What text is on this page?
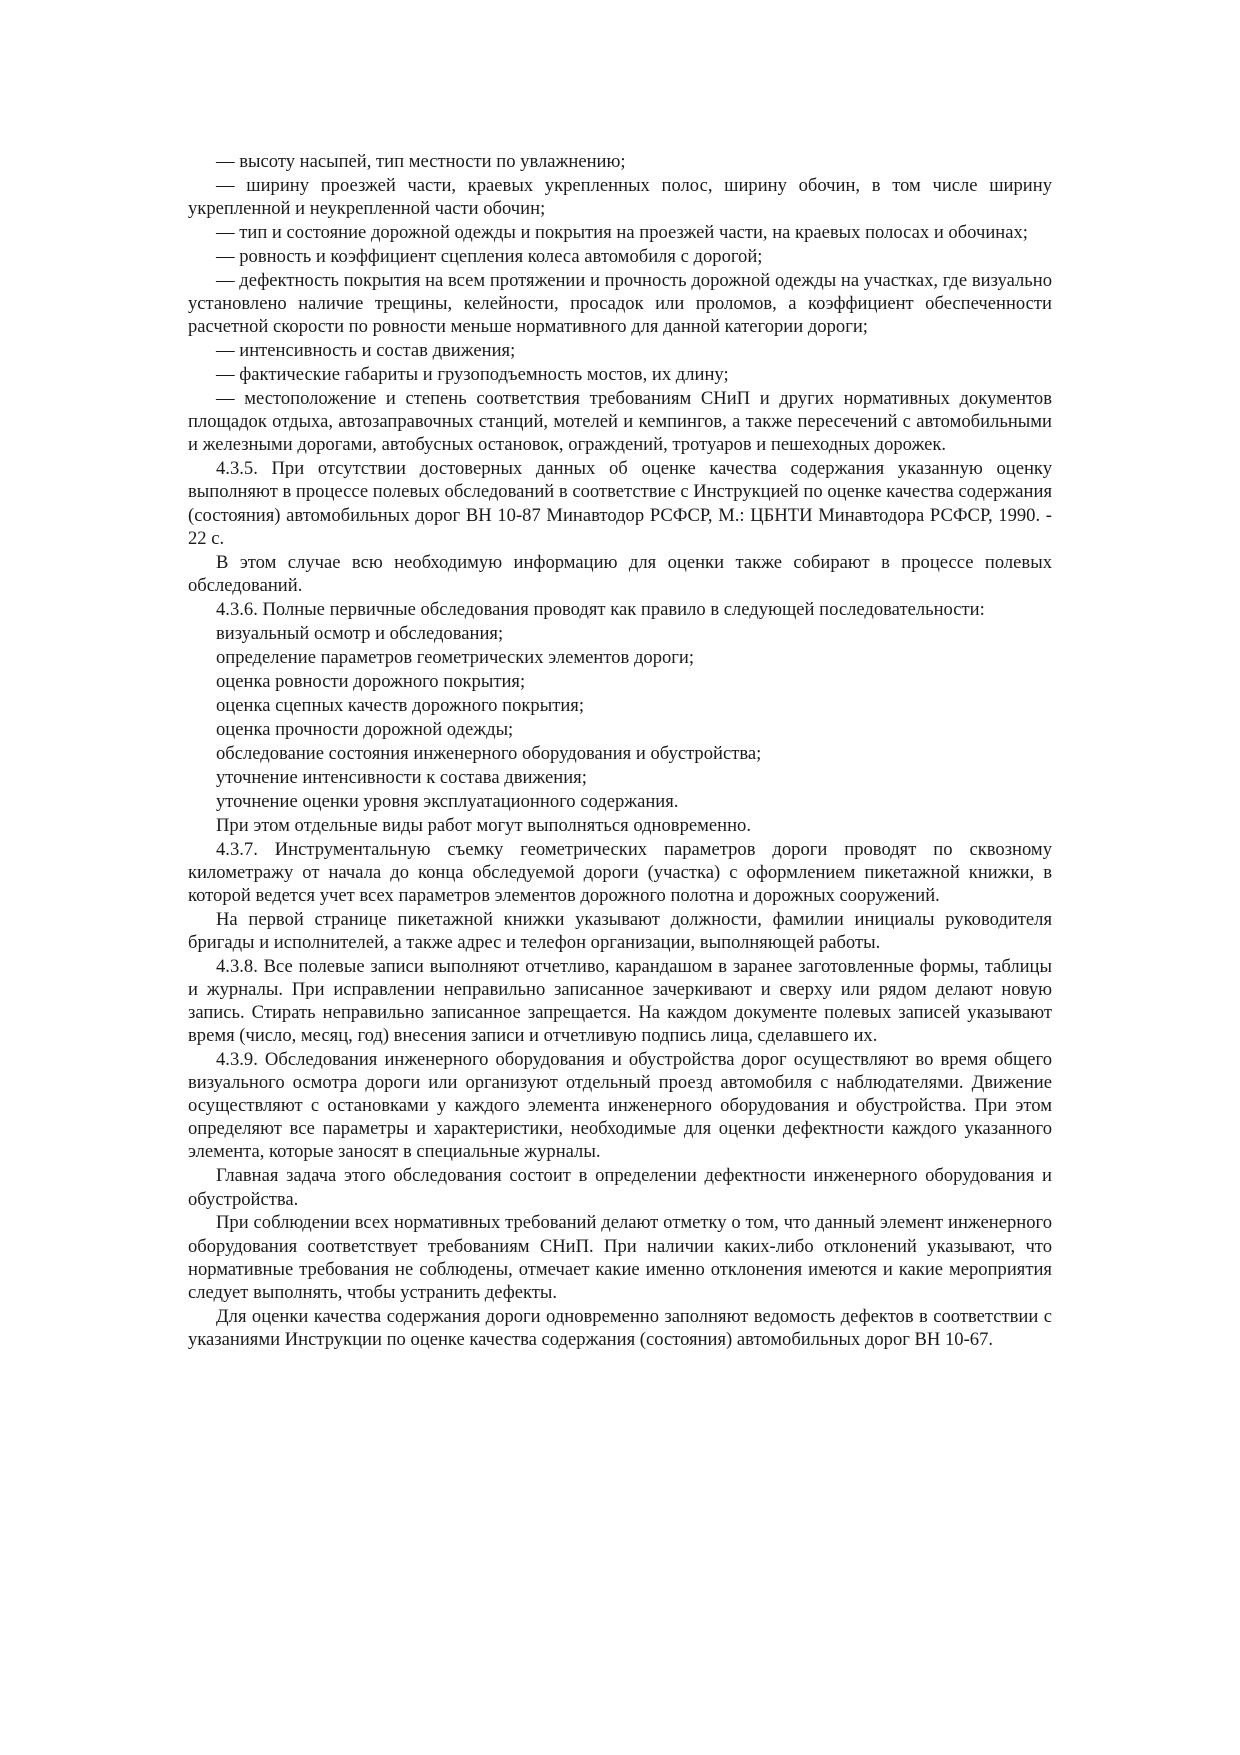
— высоту насыпей, тип местности по увлажнению;

— ширину проезжей части, краевых укрепленных полос, ширину обочин, в том числе ширину укрепленной и неукрепленной части обочин;

— тип и состояние дорожной одежды и покрытия на проезжей части, на краевых полосах и обочинах;

— ровность и коэффициент сцепления колеса автомобиля с дорогой;

— дефектность покрытия на всем протяжении и прочность дорожной одежды на участках, где визуально установлено наличие трещины, келейности, просадок или проломов, а коэффициент обеспеченности расчетной скорости по ровности меньше нормативного для данной категории дороги;

— интенсивность и состав движения;

— фактические габариты и грузоподъемность мостов, их длину;

— местоположение и степень соответствия требованиям СНиП и других нормативных документов площадок отдыха, автозаправочных станций, мотелей и кемпингов, а также пересечений с автомобильными и железными дорогами, автобусных остановок, ограждений, тротуаров и пешеходных дорожек.

4.3.5. При отсутствии достоверных данных об оценке качества содержания указанную оценку выполняют в процессе полевых обследований в соответствие с Инструкцией по оценке качества содержания (состояния) автомобильных дорог ВН 10-87 Минавтодор РСФСР, М.: ЦБНТИ Минавтодора РСФСР, 1990. - 22 с.

В этом случае всю необходимую информацию для оценки также собирают в процессе полевых обследований.

4.3.6. Полные первичные обследования проводят как правило в следующей последовательности:

визуальный осмотр и обследования;

определение параметров геометрических элементов дороги;

оценка ровности дорожного покрытия;

оценка сцепных качеств дорожного покрытия;

оценка прочности дорожной одежды;

обследование состояния инженерного оборудования и обустройства;

уточнение интенсивности к состава движения;

уточнение оценки уровня эксплуатационного содержания.

При этом отдельные виды работ могут выполняться одновременно.

4.3.7. Инструментальную съемку геометрических параметров дороги проводят по сквозному километражу от начала до конца обследуемой дороги (участка) с оформлением пикетажной книжки, в которой ведется учет всех параметров элементов дорожного полотна и дорожных сооружений.

На первой странице пикетажной книжки указывают должности, фамилии инициалы руководителя бригады и исполнителей, а также адрес и телефон организации, выполняющей работы.

4.3.8. Все полевые записи выполняют отчетливо, карандашом в заранее заготовленные формы, таблицы и журналы. При исправлении неправильно записанное зачеркивают и сверху или рядом делают новую запись. Стирать неправильно записанное запрещается. На каждом документе полевых записей указывают время (число, месяц, год) внесения записи и отчетливую подпись лица, сделавшего их.

4.3.9. Обследования инженерного оборудования и обустройства дорог осуществляют во время общего визуального осмотра дороги или организуют отдельный проезд автомобиля с наблюдателями. Движение осуществляют с остановками у каждого элемента инженерного оборудования и обустройства. При этом определяют все параметры и характеристики, необходимые для оценки дефектности каждого указанного элемента, которые заносят в специальные журналы.

Главная задача этого обследования состоит в определении дефектности инженерного оборудования и обустройства.

При соблюдении всех нормативных требований делают отметку о том, что данный элемент инженерного оборудования соответствует требованиям СНиП. При наличии каких-либо отклонений указывают, что нормативные требования не соблюдены, отмечает какие именно отклонения имеются и какие мероприятия следует выполнять, чтобы устранить дефекты.

Для оценки качества содержания дороги одновременно заполняют ведомость дефектов в соответствии с указаниями Инструкции по оценке качества содержания (состояния) автомобильных дорог ВН 10-67.
